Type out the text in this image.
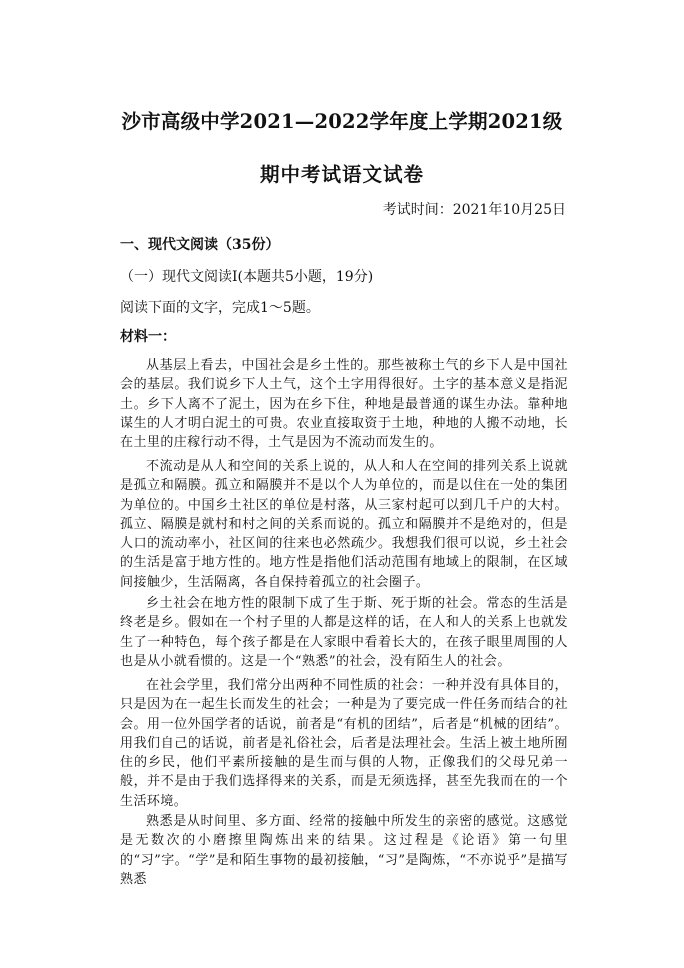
沙市高级中学2021—2022学年度上学期2021级
期中考试语文试卷
考试时间：2021年10月25日
一、现代文阅读（35份）
（一）现代文阅读Ⅰ(本题共5小题，19分)
阅读下面的文字，完成1～5题。
材料一：

从基层上看去，中国社会是乡土性的。那些被称土气的乡下人是中国社会的基层。我们说乡下人土气，这个土字用得很好。土字的基本意义是指泥土。乡下人离不了泥土，因为在乡下住，种地是最普通的谋生办法。靠种地谋生的人才明白泥土的可贵。农业直接取资于土地，种地的人搬不动地，长在土里的庄稼行动不得，土气是因为不流动而发生的。

不流动是从人和空间的关系上说的，从人和人在空间的排列关系上说就是孤立和隔膜。孤立和隔膜并不是以个人为单位的，而是以住在一处的集团为单位的。中国乡土社区的单位是村落，从三家村起可以到几千户的大村。孤立、隔膜是就村和村之间的关系而说的。孤立和隔膜并不是绝对的，但是人口的流动率小，社区间的往来也必然疏少。我想我们很可以说，乡土社会的生活是富于地方性的。地方性是指他们活动范围有地域上的限制，在区域间接触少，生活隔离，各自保持着孤立的社会圈子。

乡土社会在地方性的限制下成了生于斯、死于斯的社会。常态的生活是终老是乡。假如在一个村子里的人都是这样的话，在人和人的关系上也就发生了一种特色，每个孩子都是在人家眼中看着长大的，在孩子眼里周围的人也是从小就看惯的。这是一个“熟悉”的社会，没有陌生人的社会。

在社会学里，我们常分出两种不同性质的社会：一种并没有具体目的，只是因为在一起生长而发生的社会；一种是为了要完成一件任务而结合的社会。用一位外国学者的话说，前者是“有机的团结”，后者是“机械的团结”。用我们自己的话说，前者是礼俗社会，后者是法理社会。生活上被土地所囿住的乡民，他们平素所接触的是生而与俱的人物，正像我们的父母兄弟一般，并不是由于我们选择得来的关系，而是无须选择，甚至先我而在的一个生活环境。

熟悉是从时间里、多方面、经常的接触中所发生的亲密的感觉。这感觉是无数次的小磨擦里陶炼出来的结果。这过程是《论语》第一句里的“习”字。“学”是和陌生事物的最初接触，“习”是陶炼，“不亦说乎”是描写熟悉
